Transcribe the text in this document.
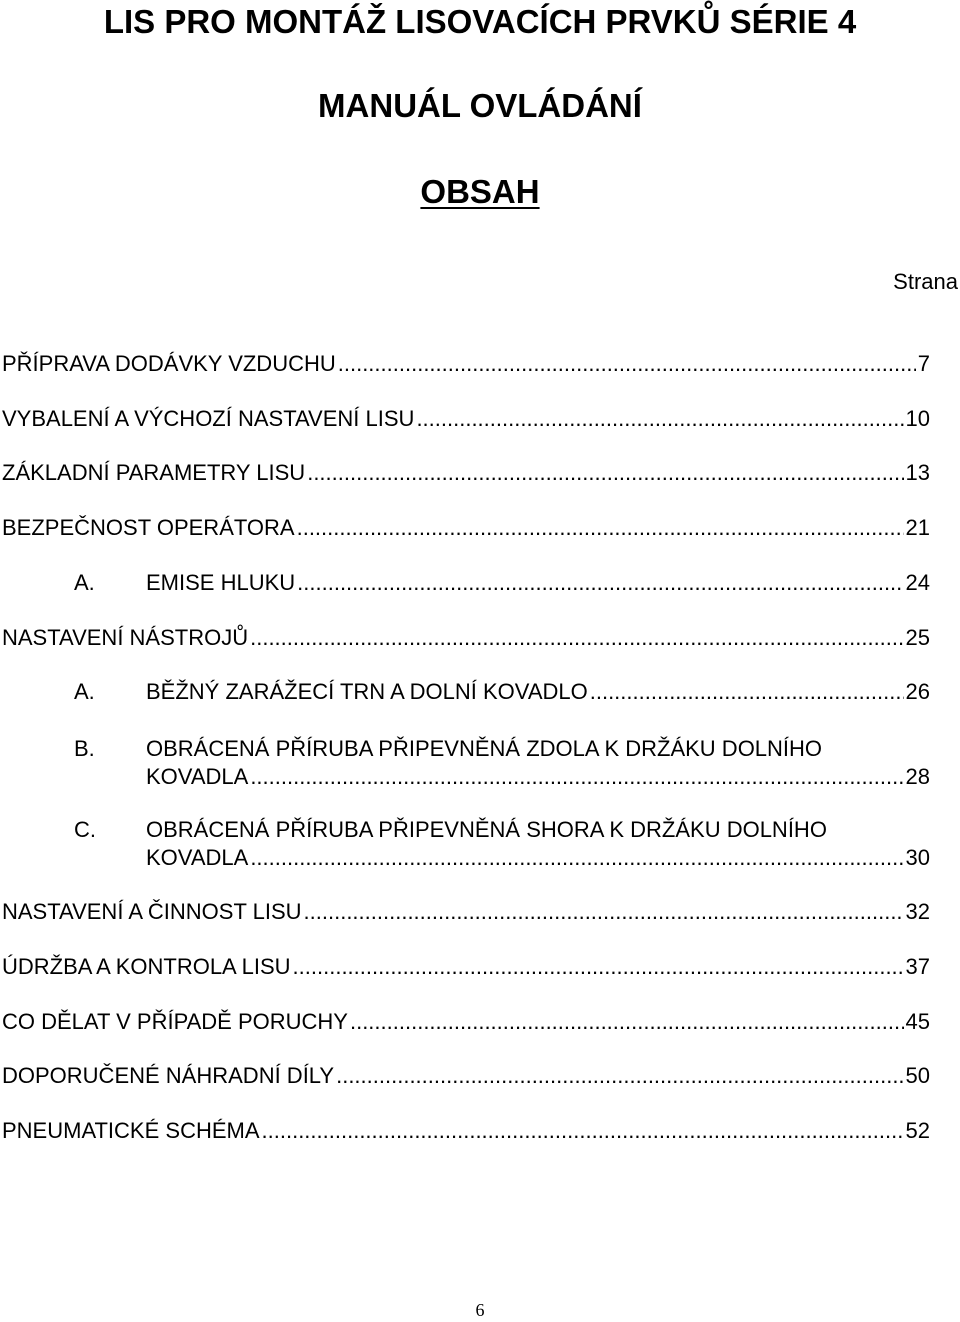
LIS PRO MONTÁŽ LISOVACÍCH PRVKŮ SÉRIE 4
MANUÁL OVLÁDÁNÍ
OBSAH
Strana
PŘÍPRAVA DODÁVKY VZDUCHU .....	7
VYBALENÍ A VÝCHOZÍ NASTAVENÍ LISU .....	10
ZÁKLADNÍ PARAMETRY LISU .....	13
BEZPEČNOST OPERÁTORA .....	21
A.	EMISE HLUKU .....	24
NASTAVENÍ NÁSTROJŮ .....	25
A.	BĚŽNÝ ZARÁŽECÍ TRN A DOLNÍ KOVADLO .....	26
B.	OBRÁCENÁ PŘÍRUBA PŘIPEVNĚNÁ ZDOLA K DRŽÁKU DOLNÍHO
KOVADLA .....	28
C.	OBRÁCENÁ PŘÍRUBA PŘIPEVNĚNÁ SHORA K DRŽÁKU DOLNÍHO
KOVADLA .....	30
NASTAVENÍ A ČINNOST LISU .....	32
ÚDRŽBA A KONTROLA LISU .....	37
CO DĚLAT V PŘÍPADĚ PORUCHY .....	45
DOPORUČENÉ NÁHRADNÍ DÍLY .....	50
PNEUMATICKÉ SCHÉMA .....	52
6
